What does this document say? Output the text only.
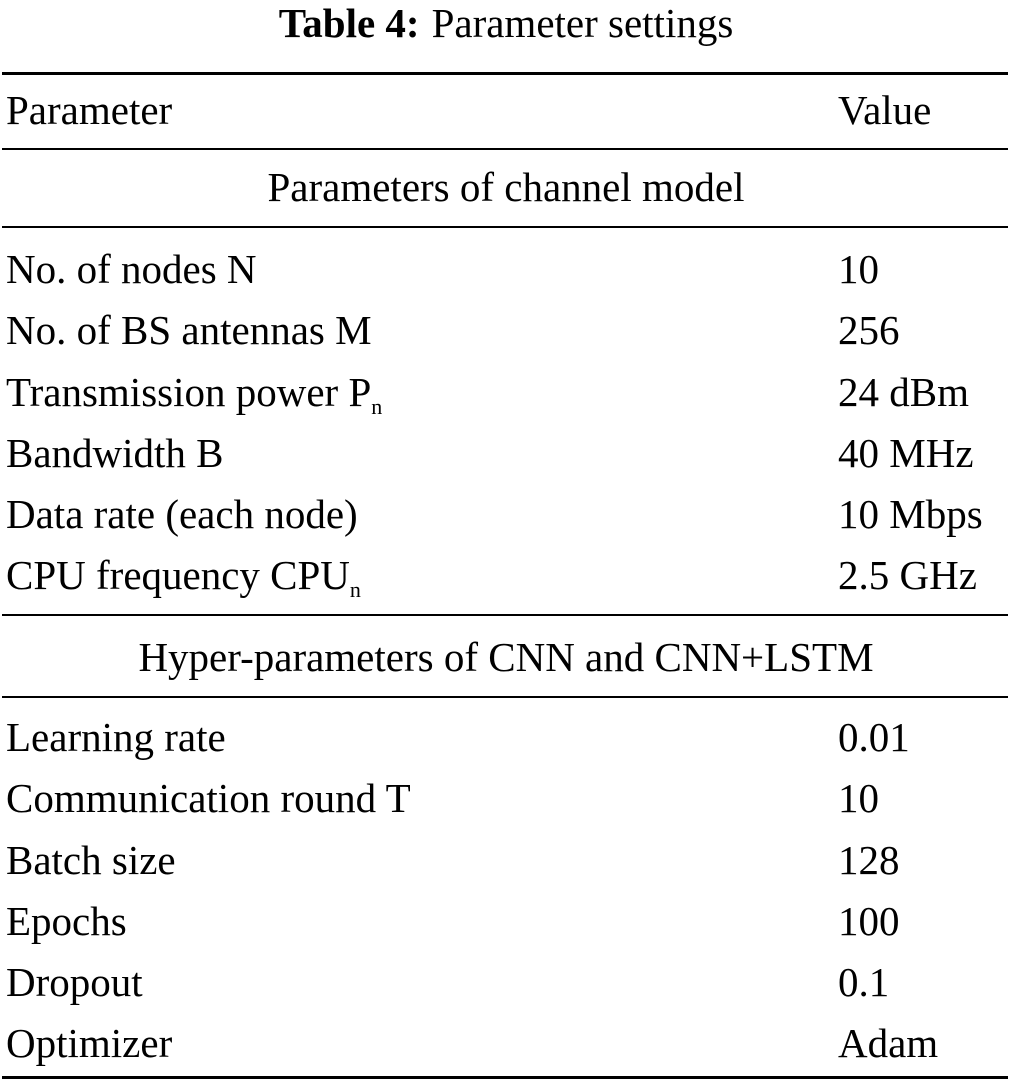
Table 4: Parameter settings
Parameter	Value
Parameters of channel model
No. of nodes N	10
No. of BS antennas M	256
Transmission power $P_n$	24 dBm
Bandwidth B	40 MHz
Data rate (each node)	10 Mbps
CPU frequency $CPU_n$	2.5 GHz
Hyper-parameters of CNN and CNN+LSTM
Learning rate	0.01
Communication round T	10
Batch size	128
Epochs	100
Dropout	0.1
Optimizer	Adam
